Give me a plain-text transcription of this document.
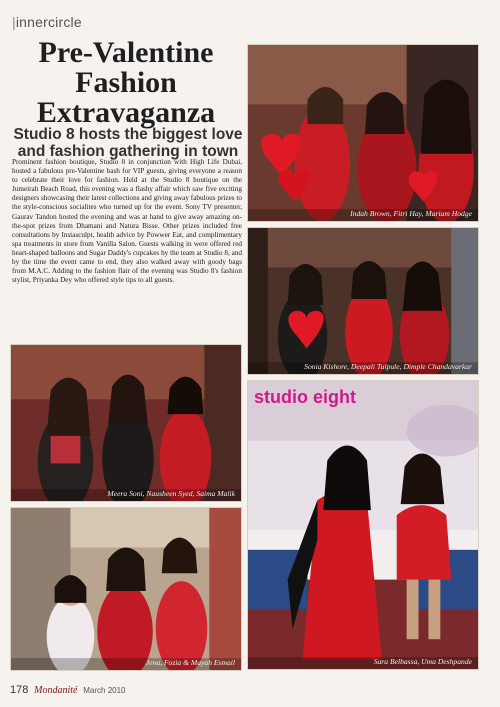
|innercircle
Pre-Valentine Fashion Extravaganza
Studio 8 hosts the biggest love and fashion gathering in town

Prominent fashion boutique, Studio 8 in conjunction with High Life Dubai, hosted a fabulous pre-Valentine bash for VIP guests, giving everyone a reason to celebrate their love for fashion. Held at the Studio 8 houtique on the Jumeirah Beach Road, this evening was a flashy affair which saw five exciting designers showcasing their latest collections and giving away fabulous prizes to the style-conscious socialites who turned up for the event. Sony TV presenter, Gaurav Tandon hosted the evening and was at hand to give away amazing on-the-spot prizes from Dhamani and Natura Bisse. Other prizes included free consultations by Instasculpt, health advice by Powwer Eat, and complimentary spa treatments in store from Vanilla Salon. Guests walking in were offered red heart-shaped balloons and Sugar Daddy's cupcakes by the team at Studio 8, and by the time the event came to end, they also walked away with goody bags from M.A.C. Adding to the fashion flair of the evening was Studio 8's fashion stylist, Priyanka Dey who offered style tips to all guests.

Indah Brown, Fitri Hay, Mariam Hodge
Sonia Kishore, Deepali Tulpule, Dimple Chandavarkar
Meera Soni, Nausheen Syed, Saima Malik
studio eight
Sara Belbassa, Uma Deshpande
Jena, Fozia & Mayah Esmail
178 Mondanité March 2010
